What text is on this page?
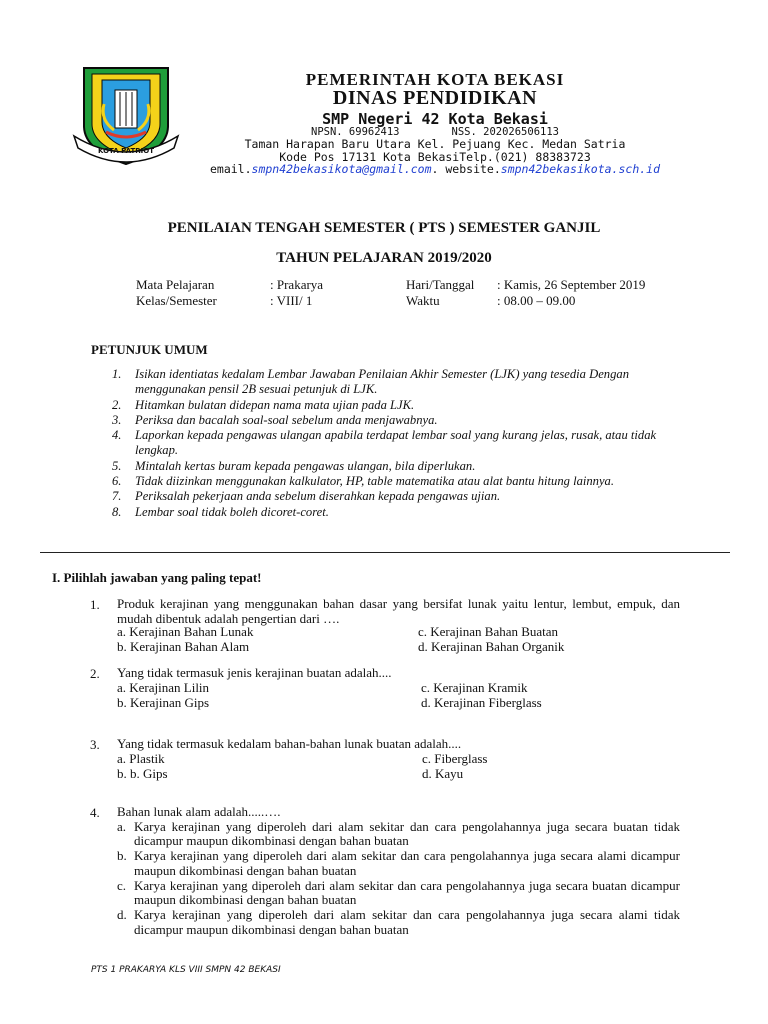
KOTA PATRIOT
PEMERINTAH KOTA BEKASI
DINAS PENDIDIKAN
SMP Negeri 42 Kota Bekasi
NPSN. 69962413	NSS. 202026506113
Taman Harapan Baru Utara Kel. Pejuang Kec. Medan Satria
Kode Pos 17131 Kota BekasiTelp.(021) 88383723
email.smpn42bekasikota@gmail.com. website.smpn42bekasikota.sch.id
PENILAIAN TENGAH SEMESTER ( PTS ) SEMESTER GANJIL
TAHUN PELAJARAN 2019/2020
Mata Pelajaran	: Prakarya	Hari/Tanggal : Kamis, 26 September 2019
Kelas/Semester	: VIII/ 1	Waktu	: 08.00 – 09.00
PETUNJUK UMUM
1.	Isikan identiatas kedalam Lembar Jawaban Penilaian Akhir Semester (LJK) yang tesedia Dengan menggunakan pensil 2B sesuai petunjuk di LJK.
2.	Hitamkan bulatan didepan nama mata ujian pada LJK.
3.	Periksa dan bacalah soal-soal sebelum anda menjawabnya.
4.	Laporkan kepada pengawas ulangan apabila terdapat lembar soal yang kurang jelas, rusak, atau tidak lengkap.
5.	Mintalah kertas buram kepada pengawas ulangan, bila diperlukan.
6.	Tidak diizinkan menggunakan kalkulator, HP, table matematika atau alat bantu hitung lainnya.
7.	Periksalah pekerjaan anda sebelum diserahkan kepada pengawas ujian.
8.	Lembar soal tidak boleh dicoret-coret.
I. Pilihlah jawaban yang paling tepat!
1. Produk kerajinan yang menggunakan bahan dasar yang bersifat lunak yaitu lentur, lembut, empuk, dan mudah dibentuk adalah pengertian dari ….
a. Kerajinan Bahan Lunak
b. Kerajinan Bahan Alam
c. Kerajinan Bahan Buatan
d. Kerajinan Bahan Organik
2. Yang tidak termasuk jenis kerajinan buatan adalah....
a. Kerajinan Lilin
b. Kerajinan Gips
c. Kerajinan Kramik
d. Kerajinan Fiberglass
3. Yang tidak termasuk kedalam bahan-bahan lunak buatan adalah....
a. Plastik
b. b. Gips
c. Fiberglass
d. Kayu
4. Bahan lunak alam adalah.....….
a. Karya kerajinan yang diperoleh dari alam sekitar dan cara pengolahannya juga secara buatan tidak dicampur maupun dikombinasi dengan bahan buatan
b. Karya kerajinan yang diperoleh dari alam sekitar dan cara pengolahannya juga secara alami dicampur maupun dikombinasi dengan bahan buatan
c. Karya kerajinan yang diperoleh dari alam sekitar dan cara pengolahannya juga secara buatan dicampur maupun dikombinasi dengan bahan buatan
d. Karya kerajinan yang diperoleh dari alam sekitar dan cara pengolahannya juga secara alami tidak dicampur maupun dikombinasi dengan bahan buatan
PTS 1 PRAKARYA KLS VIII SMPN 42 BEKASI
